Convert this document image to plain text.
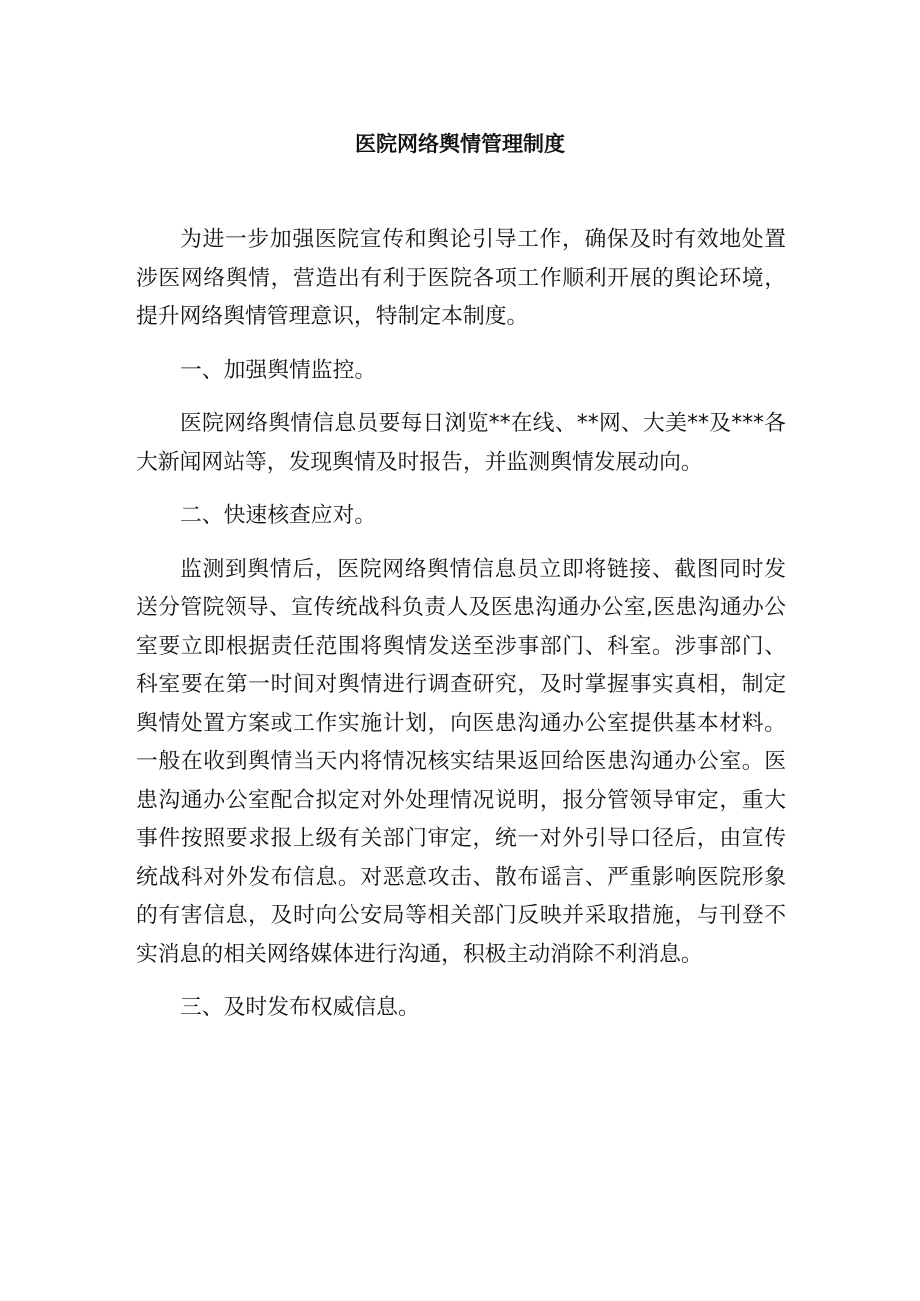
医院网络舆情管理制度

为进一步加强医院宣传和舆论引导工作，确保及时有效地处置涉医网络舆情，营造出有利于医院各项工作顺利开展的舆论环境，提升网络舆情管理意识，特制定本制度。

一、加强舆情监控。

医院网络舆情信息员要每日浏览**在线、**网、大美**及***各大新闻网站等，发现舆情及时报告，并监测舆情发展动向。

二、快速核查应对。

监测到舆情后，医院网络舆情信息员立即将链接、截图同时发送分管院领导、宣传统战科负责人及医患沟通办公室,医患沟通办公室要立即根据责任范围将舆情发送至涉事部门、科室。涉事部门、科室要在第一时间对舆情进行调查研究，及时掌握事实真相，制定舆情处置方案或工作实施计划，向医患沟通办公室提供基本材料。一般在收到舆情当天内将情况核实结果返回给医患沟通办公室。医患沟通办公室配合拟定对外处理情况说明，报分管领导审定，重大事件按照要求报上级有关部门审定，统一对外引导口径后，由宣传统战科对外发布信息。对恶意攻击、散布谣言、严重影响医院形象的有害信息，及时向公安局等相关部门反映并采取措施，与刊登不实消息的相关网络媒体进行沟通，积极主动消除不利消息。

三、及时发布权威信息。
